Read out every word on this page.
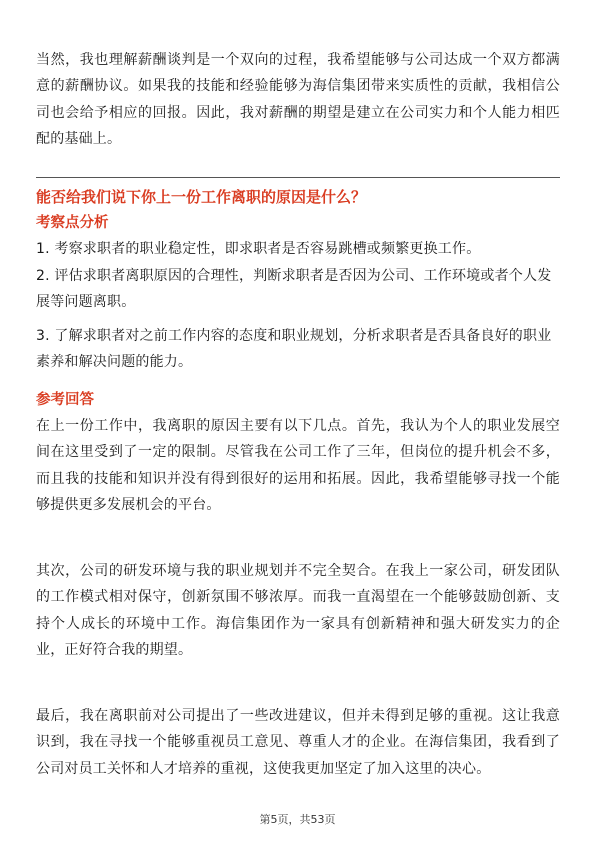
当然，我也理解薪酬谈判是一个双向的过程，我希望能够与公司达成一个双方都满意的薪酬协议。如果我的技能和经验能够为海信集团带来实质性的贡献，我相信公司也会给予相应的回报。因此，我对薪酬的期望是建立在公司实力和个人能力相匹配的基础上。

能否给我们说下你上一份工作离职的原因是什么？

考察点分析

1. 考察求职者的职业稳定性，即求职者是否容易跳槽或频繁更换工作。

2. 评估求职者离职原因的合理性，判断求职者是否因为公司、工作环境或者个人发展等问题离职。

3. 了解求职者对之前工作内容的态度和职业规划，分析求职者是否具备良好的职业素养和解决问题的能力。

参考回答

在上一份工作中，我离职的原因主要有以下几点。首先，我认为个人的职业发展空间在这里受到了一定的限制。尽管我在公司工作了三年，但岗位的提升机会不多，而且我的技能和知识并没有得到很好的运用和拓展。因此，我希望能够寻找一个能够提供更多发展机会的平台。

其次，公司的研发环境与我的职业规划并不完全契合。在我上一家公司，研发团队的工作模式相对保守，创新氛围不够浓厚。而我一直渴望在一个能够鼓励创新、支持个人成长的环境中工作。海信集团作为一家具有创新精神和强大研发实力的企业，正好符合我的期望。

最后，我在离职前对公司提出了一些改进建议，但并未得到足够的重视。这让我意识到，我在寻找一个能够重视员工意见、尊重人才的企业。在海信集团，我看到了公司对员工关怀和人才培养的重视，这使我更加坚定了加入这里的决心。

第5页，共53页
